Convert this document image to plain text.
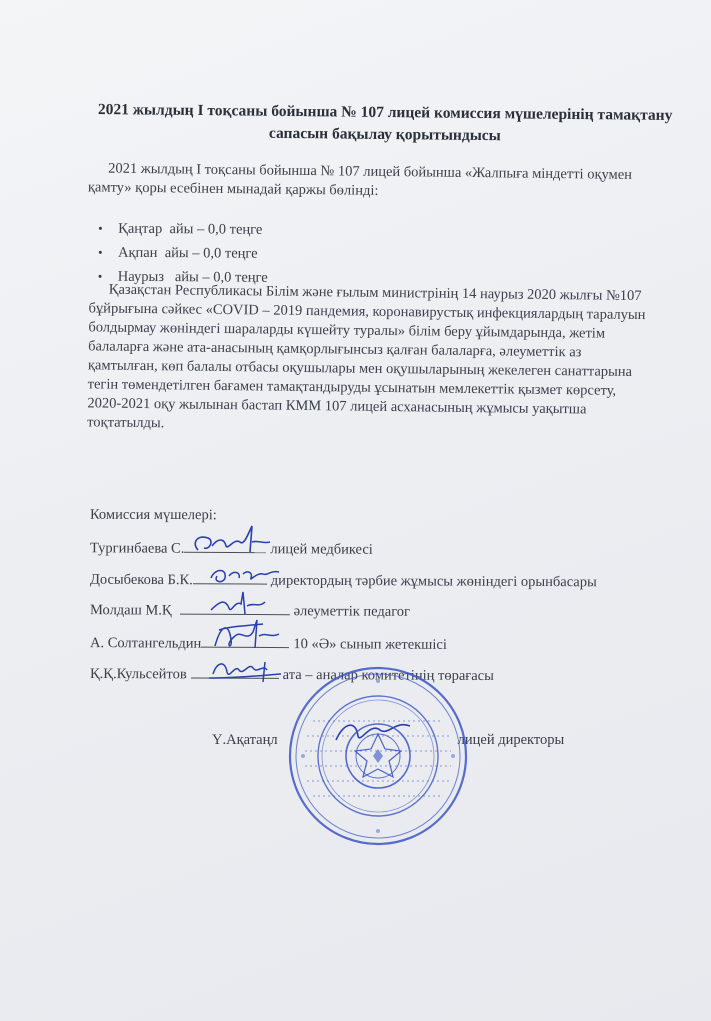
2021 жылдың I тоқсаны бойынша № 107 лицей комиссия мүшелерінің тамақтану
сапасын бақылау қорытындысы
2021 жылдың I тоқсаны бойынша № 107 лицей бойынша «Жалпыға міндетті оқумен
қамту» қоры есебінен мынадай қаржы бөлінді:
• Қаңтар  айы – 0,0 теңге
• Ақпан  айы – 0,0 теңге
• Наурыз   айы – 0,0 теңге
Қазақстан Республикасы Білім және ғылым министрінің 14 наурыз 2020 жылғы №107
бұйрығына сәйкес «COVID – 2019 пандемия, коронавирустық инфекциялардың таралуын
болдырмау жөніндегі шараларды күшейту туралы» білім беру ұйымдарында, жетім
балаларға және ата-анасының қамқорлығынсыз қалған балаларға, әлеуметтік аз
қамтылған, көп балалы отбасы оқушылары мен оқушыларының жекелеген санаттарына
тегін төмендетілген бағамен тамақтандыруды ұсынатын мемлекеттік қызмет көрсету,
2020-2021 оқу жылынан бастап КММ 107 лицей асханасының жұмысы уақытша
тоқтатылды.
Комиссия мүшелері:
Тургинбаева С.	лицей медбикесі
Досыбекова Б.К.	директордың тәрбие жұмысы жөніндегі орынбасары
Молдаш М.Қ	әлеуметтік педагог
А. Солтангельдин	10 «Ә» сынып жетекшісі
Қ.Қ.Кульсейтов	ата – аналар комитетінің төрағасы
Ү.Ақатаңл	лицей директоры
